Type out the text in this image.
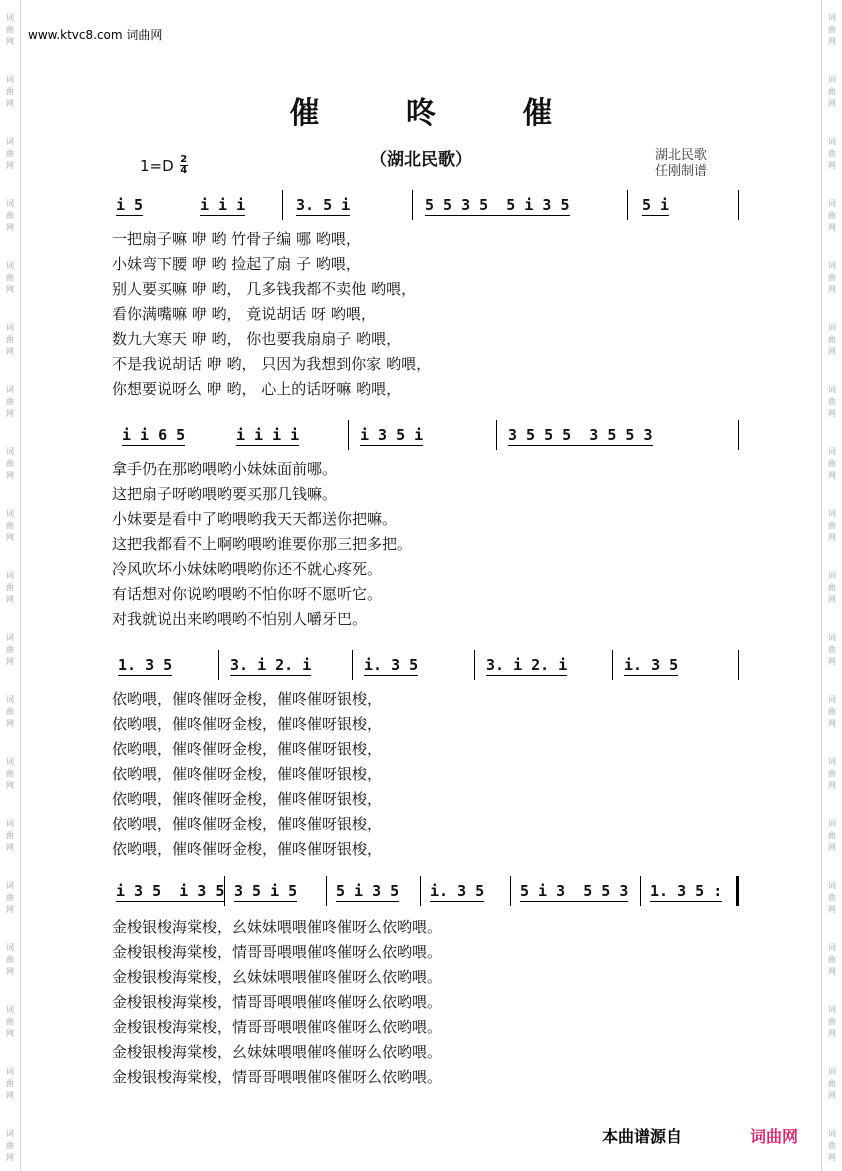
词
曲
网
词
曲
网
词
曲
网
词
曲
网
词
曲
网
词
曲
网
词
曲
网
词
曲
网
词
曲
网
词
曲
网
词
曲
网
词
曲
网
词
曲
网
词
曲
网
词
曲
网
词
曲
网
词
曲
网
词
曲
网
词
曲
网
词
曲
网
词
曲
网
词
曲
网
词
曲
网
词
曲
网
词
曲
网
词
曲
网
词
曲
网
词
曲
网
词
曲
网
词
曲
网
词
曲
网
词
曲
网
词
曲
网
词
曲
网
词
曲
网
词
曲
网
词
曲
网
词
曲
网
www.ktvc8.com 词曲网
催 咚 催
（湖北民歌）
1=D 2
4
湖北民歌
任刚制谱
i 5	i i i	3. 5 i	5 5 3 5  5 i 3 5	5 i
一把扇子嘛 咿 哟 竹骨子编 哪 哟喂，
小妹弯下腰 咿 哟 捡起了扇 子 哟喂，
别人要买嘛 咿 哟， 几多钱我都不卖他 哟喂，
看你满嘴嘛 咿 哟， 竟说胡话 呀 哟喂，
数九大寒天 咿 哟， 你也要我扇扇子 哟喂，
不是我说胡话 咿 哟， 只因为我想到你家 哟喂，
你想要说呀么 咿 哟， 心上的话呀嘛 哟喂，
i i 6 5	i i i i	i 3 5 i	3 5 5 5  3 5 5 3
拿手仍在那哟喂哟小妹妹面前哪。
这把扇子呀哟喂哟要买那几钱嘛。
小妹要是看中了哟喂哟我天天都送你把嘛。
这把我都看不上啊哟喂哟谁要你那三把多把。
冷风吹坏小妹妹哟喂哟你还不就心疼死。
有话想对你说哟喂哟不怕你呀不愿听它。
对我就说出来哟喂哟不怕别人嚼牙巴。
1. 3 5	3. i 2. i	i. 3 5	3. i 2. i	i. 3 5
依哟喂，催咚催呀金梭，催咚催呀银梭，
依哟喂，催咚催呀金梭，催咚催呀银梭，
依哟喂，催咚催呀金梭，催咚催呀银梭，
依哟喂，催咚催呀金梭，催咚催呀银梭，
依哟喂，催咚催呀金梭，催咚催呀银梭，
依哟喂，催咚催呀金梭，催咚催呀银梭，
依哟喂，催咚催呀金梭，催咚催呀银梭，
i 3 5  i 3 5 3 5 i 5	5 i 3 5 i. 3 5 5 i 3  5 5 3 1. 3 5 :
金梭银梭海棠梭，幺妹妹喂喂催咚催呀么依哟喂。
金梭银梭海棠梭，情哥哥喂喂催咚催呀么依哟喂。
金梭银梭海棠梭，幺妹妹喂喂催咚催呀么依哟喂。
金梭银梭海棠梭，情哥哥喂喂催咚催呀么依哟喂。
金梭银梭海棠梭，情哥哥喂喂催咚催呀么依哟喂。
金梭银梭海棠梭，幺妹妹喂喂催咚催呀么依哟喂。
金梭银梭海棠梭，情哥哥喂喂催咚催呀么依哟喂。
本曲谱源自	词曲网
